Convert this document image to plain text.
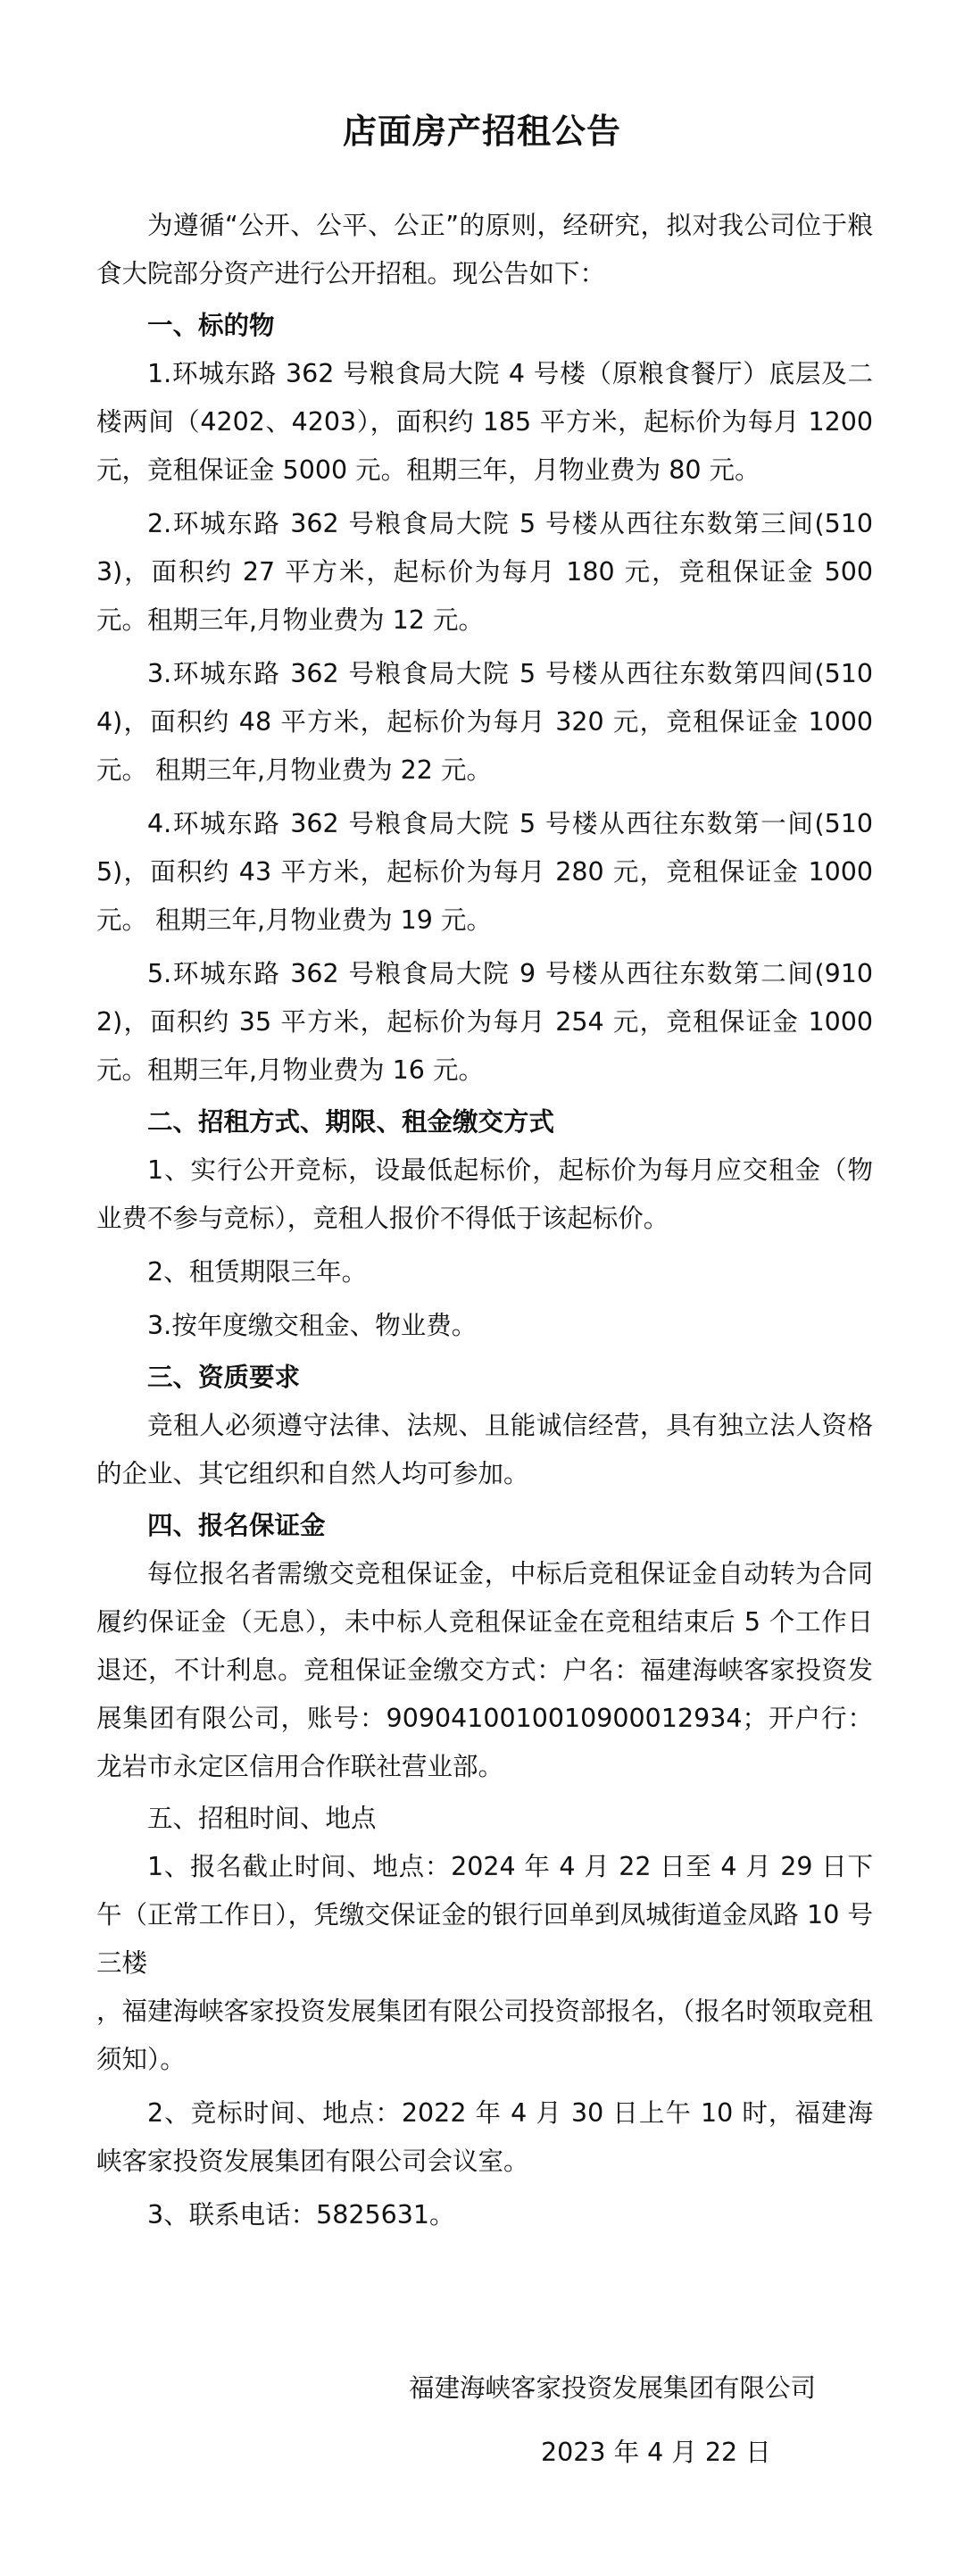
店面房产招租公告

为遵循“公开、公平、公正”的原则，经研究，拟对我公司位于粮食大院部分资产进行公开招租。现公告如下：

一、标的物

1.环城东路 362 号粮食局大院 4 号楼（原粮食餐厅）底层及二楼两间（4202、4203），面积约 185 平方米，起标价为每月 1200 元，竞租保证金 5000 元。租期三年，月物业费为 80 元。

2.环城东路 362 号粮食局大院 5 号楼从西往东数第三间(5103)，面积约 27 平方米，起标价为每月 180 元，竞租保证金 500 元。租期三年,月物业费为 12 元。

3.环城东路 362 号粮食局大院 5 号楼从西往东数第四间(5104)，面积约 48 平方米，起标价为每月 320 元，竞租保证金 1000 元。 租期三年,月物业费为 22 元。

4.环城东路 362 号粮食局大院 5 号楼从西往东数第一间(5105)，面积约 43 平方米，起标价为每月 280 元，竞租保证金 1000 元。 租期三年,月物业费为 19 元。

5.环城东路 362 号粮食局大院 9 号楼从西往东数第二间(9102)，面积约 35 平方米，起标价为每月 254 元，竞租保证金 1000 元。租期三年,月物业费为 16 元。

二、招租方式、期限、租金缴交方式

1、实行公开竞标，设最低起标价，起标价为每月应交租金（物业费不参与竞标），竞租人报价不得低于该起标价。

2、租赁期限三年。

3.按年度缴交租金、物业费。

三、资质要求

竞租人必须遵守法律、法规、且能诚信经营，具有独立法人资格的企业、其它组织和自然人均可参加。

四、报名保证金

每位报名者需缴交竞租保证金，中标后竞租保证金自动转为合同履约保证金（无息），未中标人竞租保证金在竞租结束后 5 个工作日退还，不计利息。竞租保证金缴交方式：户名：福建海峡客家投资发展集团有限公司，账号：9090410010010900012934；开户行：龙岩市永定区信用合作联社营业部。

五、招租时间、地点

1、报名截止时间、地点：2024 年 4 月 22 日至 4 月 29 日下午（正常工作日），凭缴交保证金的银行回单到凤城街道金凤路 10 号三楼

，福建海峡客家投资发展集团有限公司投资部报名，（报名时领取竞租须知）。

2、竞标时间、地点：2022 年 4 月 30 日上午 10 时，福建海峡客家投资发展集团有限公司会议室。

3、联系电话：5825631。

福建海峡客家投资发展集团有限公司

2023 年 4 月 22 日
